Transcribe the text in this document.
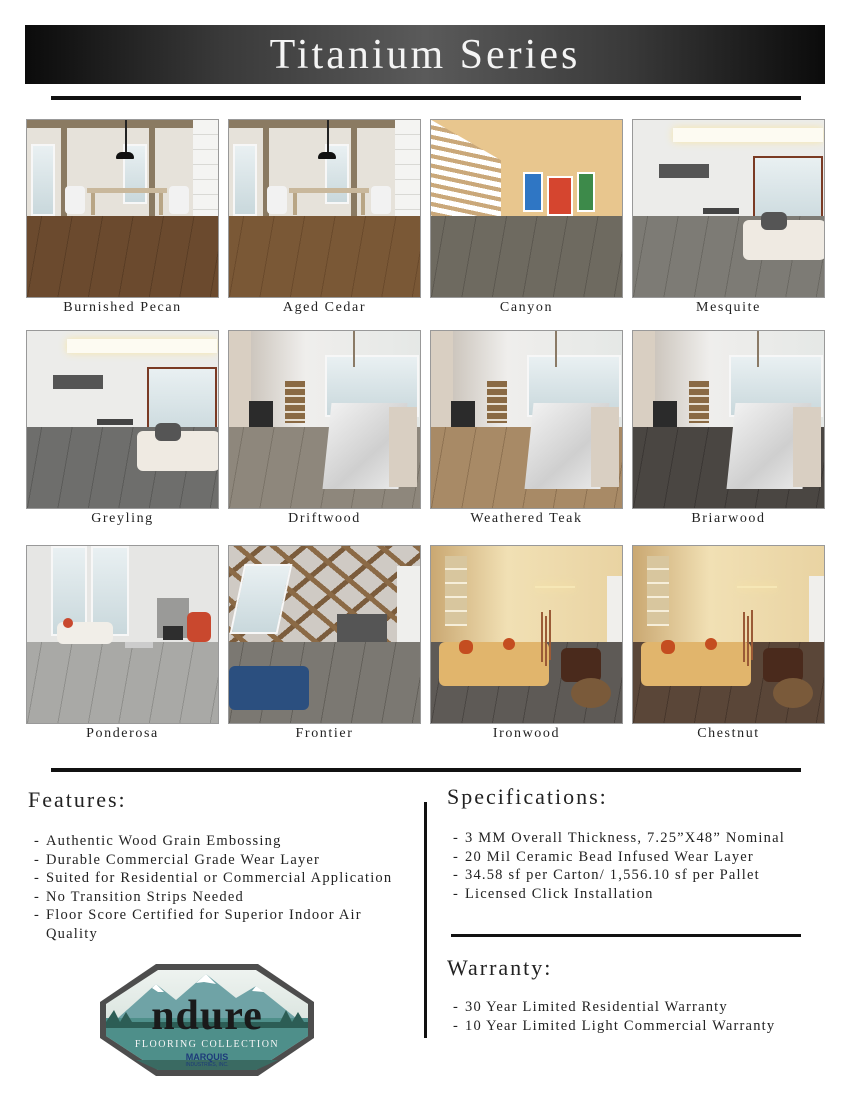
Titanium Series
Burnished Pecan	Aged Cedar	Canyon	Mesquite
Greyling	Driftwood	Weathered Teak	Briarwood
Ponderosa	Frontier	Ironwood	Chestnut
Features:
- Authentic Wood Grain Embossing
- Durable Commercial Grade Wear Layer
- Suited for Residential or Commercial Application
- No Transition Strips Needed
- Floor Score Certified for Superior Indoor Air Quality
Specifications:
- 3 MM Overall Thickness, 7.25”X48” Nominal
- 20 Mil Ceramic Bead Infused Wear Layer
- 34.58 sf per Carton/ 1,556.10 sf per Pallet
- Licensed Click Installation
Warranty:
- 30 Year Limited Residential Warranty
- 10 Year Limited Light Commercial Warranty
ndure
FLOORING COLLECTION
MARQUIS
INDUSTRIES, INC.
